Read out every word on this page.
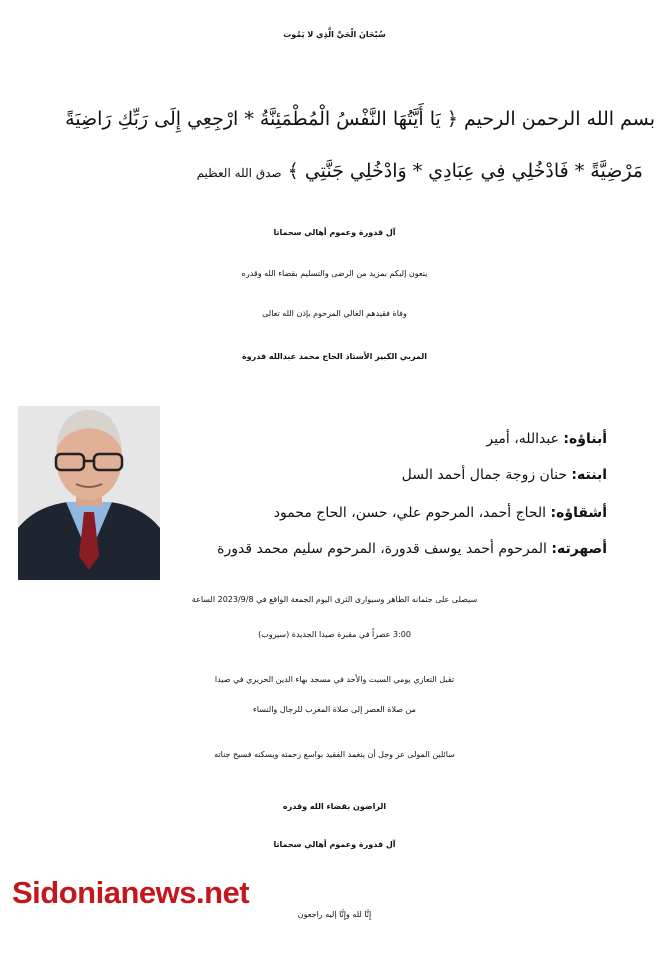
سُبْحَانَ الْحَيِّ الَّذِي لا يَمُوت
بسم الله الرحمن الرحيم ﴿ يَا أَيَّتُهَا النَّفْسُ الْمُطْمَئِنَّةُ * ارْجِعِي إِلَى رَبِّكِ رَاضِيَةً
مَرْضِيَّةً * فَادْخُلِي فِي عِبَادِي * وَادْخُلِي جَنَّتِي ﴾ صدق الله العظيم
آل قدورة وعموم أهالي سحماتا
ينعون إليكم بمزيد من الرضى والتسليم بقضاء الله وقدره
وفاة فقيدهم الغالي المرحوم بإذن الله تعالى
المربي الكبير الأستاذ الحاج محمد عبدالله قدروة
أبناؤه: عبدالله، أمير
ابنته: حنان زوجة جمال أحمد السل
أشقاؤه: الحاج أحمد، المرحوم علي، حسن، الحاج محمود
أصهرته: المرحوم أحمد يوسف قدورة، المرحوم سليم محمد قدورة
سيصلى على جثمانه الطاهر وسيوارى الثرى اليوم الجمعة الواقع في 2023/9/8 الساعة
3:00 عصراً في مقبرة صيدا الجديدة (سيروب)
تقبل التعازي يومي السبت والأحد في مسجد بهاء الدين الحريري في صيدا
من صلاة العصر إلى صلاة المغرب للرجال والنساء
سائلين المولى عز وجل أن يتغمد الفقيد بواسع رحمته ويسكنه فسيح جناته
الراضون بقضاء الله وقدره
آل قدورة وعموم أهالي سحماتا
Sidonianews.net
إِنَّا لله وإِنَّا إليه راجعون
